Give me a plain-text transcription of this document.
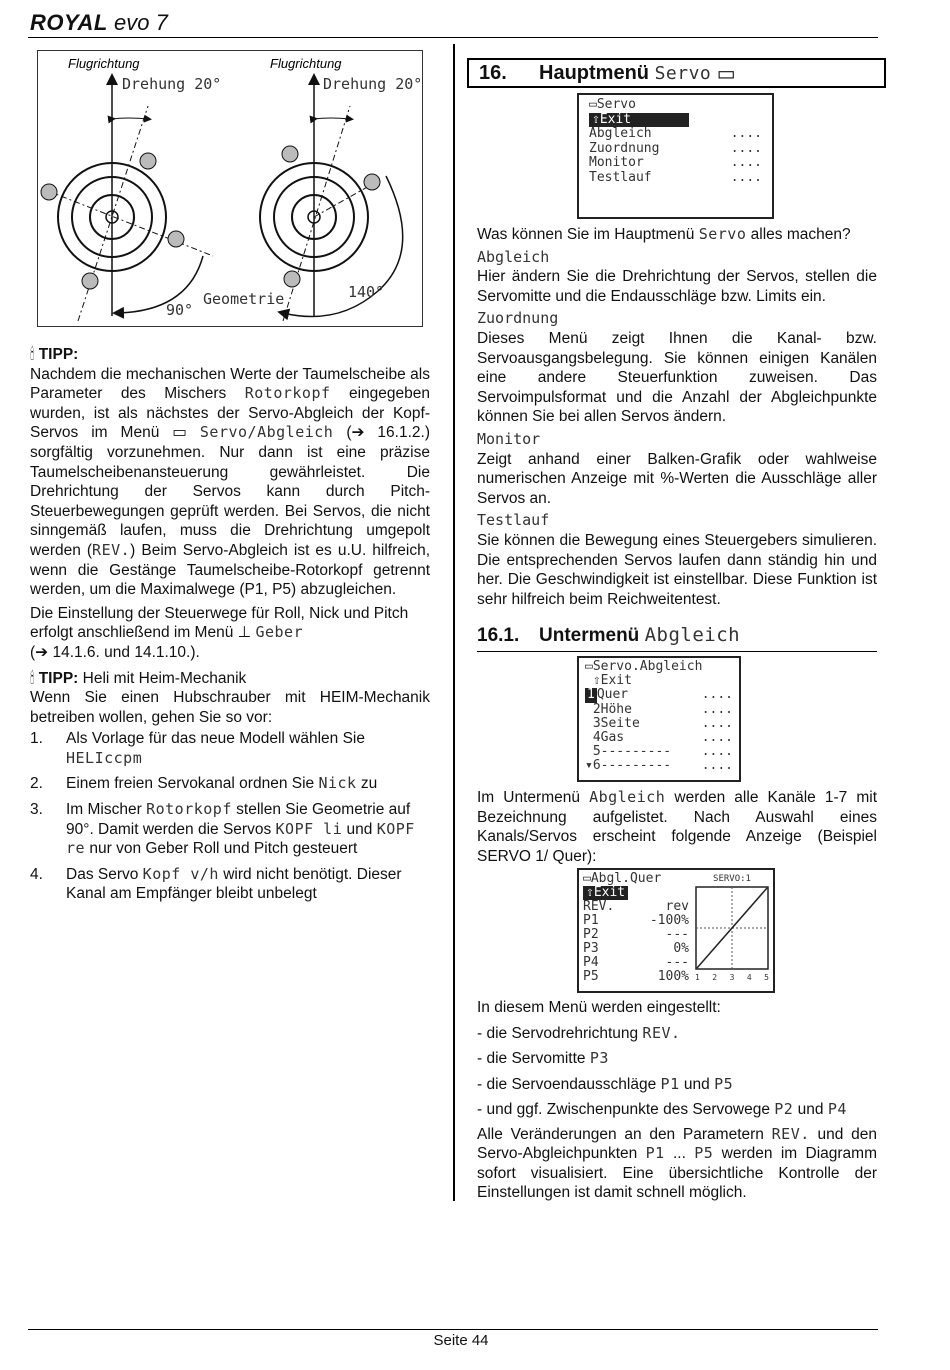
ROYAL evo 7
Flugrichtung
Drehung 20°
90°
Geometrie
Flugrichtung
Drehung 20°
140°
🕯 TIPP:
Nachdem die mechanischen Werte der Taumelscheibe als Parameter des Mischers Rotorkopf eingegeben wurden, ist als nächstes der Servo-Abgleich der Kopf-Servos im Menü ▭ Servo/Abgleich (➔ 16.1.2.) sorgfältig vorzunehmen. Nur dann ist eine präzise Taumelscheibenansteuerung gewährleistet. Die Drehrichtung der Servos kann durch Pitch-Steuerbewegungen geprüft werden. Bei Servos, die nicht sinngemäß laufen, muss die Drehrichtung umgepolt werden (REV.) Beim Servo-Abgleich ist es u.U. hilfreich, wenn die Gestänge Taumelscheibe-Rotorkopf getrennt werden, um die Maximalwege (P1, P5) abzugleichen.
Die Einstellung der Steuerwege für Roll, Nick und Pitch erfolgt anschließend im Menü ⊥ Geber
(➔ 14.1.6. und 14.1.10.).
🕯 TIPP: Heli mit Heim-Mechanik
Wenn Sie einen Hubschrauber mit HEIM-Mechanik betreiben wollen, gehen Sie so vor:
1.	Als Vorlage für das neue Modell wählen Sie HELIccpm
2.	Einem freien Servokanal ordnen Sie Nick zu
3.	Im Mischer Rotorkopf stellen Sie Geometrie auf 90°. Damit werden die Servos KOPF li und KOPF re nur von Geber Roll und Pitch gesteuert
4.	Das Servo Kopf v/h wird nicht benötigt. Dieser Kanal am Empfänger bleibt unbelegt
16.	Hauptmenü
Servo ▭
▭Servo
⇧Exit
Abgleich	....
Zuordnung	....
Monitor	....
Testlauf	....
Was können Sie im Hauptmenü Servo alles machen?
Abgleich
Hier ändern Sie die Drehrichtung der Servos, stellen die Servomitte und die Endausschläge bzw. Limits ein.
Zuordnung
Dieses Menü zeigt Ihnen die Kanal- bzw. Servoausgangsbelegung. Sie können einigen Kanälen eine andere Steuerfunktion zuweisen. Das Servoimpulsformat und die Anzahl der Abgleichpunkte können Sie bei allen Servos ändern.
Monitor
Zeigt anhand einer Balken-Grafik oder wahlweise numerischen Anzeige mit %-Werten die Ausschläge aller Servos an.
Testlauf
Sie können die Bewegung eines Steuergebers simulieren. Die entsprechenden Servos laufen dann ständig hin und her. Die Geschwindigkeit ist einstellbar. Diese Funktion ist sehr hilfreich beim Reichweitentest.
16.1. Untermenü Abgleich
▭Servo.Abgleich
⇧Exit
1 Quer	....
2Höhe	....
3Seite	....
4Gas	....
5--------- ....
▾6--------- ....
Im Untermenü Abgleich werden alle Kanäle 1-7 mit Bezeichnung aufgelistet. Nach Auswahl eines Kanals/Servos erscheint folgende Anzeige (Beispiel SERVO 1/ Quer):
▭Abgl.Quer
⇧Exit
REV.	rev
P1	-100%
P2	---
P3	0%
P4	---
P5	100%
SERVO:1
1 2 3 4 5
In diesem Menü werden eingestellt:
- die Servodrehrichtung REV.
- die Servomitte P3
- die Servoendausschläge P1 und P5
- und ggf. Zwischenpunkte des Servowege P2 und P4
Alle Veränderungen an den Parametern REV. und den Servo-Abgleichpunkten P1 ... P5 werden im Diagramm sofort visualisiert. Eine übersichtliche Kontrolle der Einstellungen ist damit schnell möglich.
Seite 44
